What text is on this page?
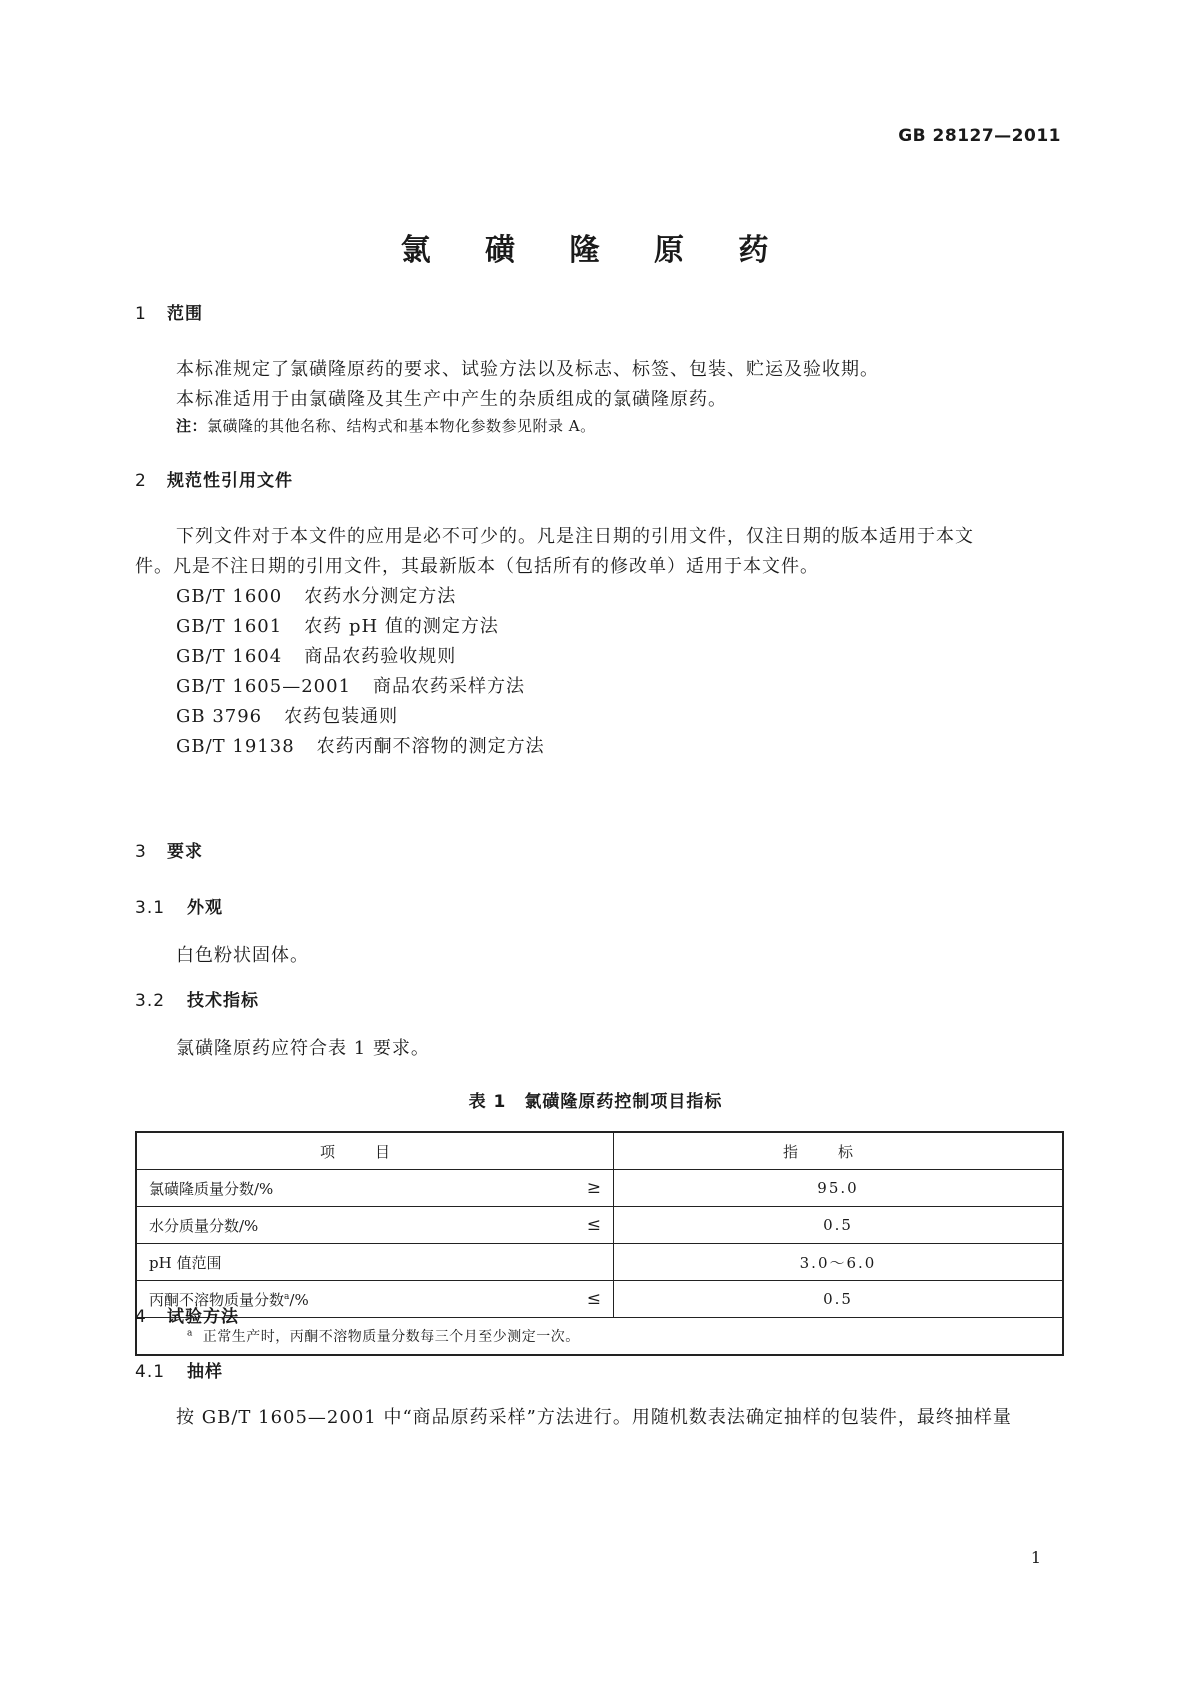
GB 28127—2011
氯 磺 隆 原 药
1 范围
本标准规定了氯磺隆原药的要求、试验方法以及标志、标签、包装、贮运及验收期。
本标准适用于由氯磺隆及其生产中产生的杂质组成的氯磺隆原药。
注：氯磺隆的其他名称、结构式和基本物化参数参见附录 A。
2 规范性引用文件
下列文件对于本文件的应用是必不可少的。凡是注日期的引用文件，仅注日期的版本适用于本文
件。凡是不注日期的引用文件，其最新版本（包括所有的修改单）适用于本文件。
GB/T 1600 农药水分测定方法
GB/T 1601 农药 pH 值的测定方法
GB/T 1604 商品农药验收规则
GB/T 1605—2001 商品农药采样方法
GB 3796 农药包装通则
GB/T 19138 农药丙酮不溶物的测定方法
3 要求
3.1 外观
白色粉状固体。
3.2 技术指标
氯磺隆原药应符合表 1 要求。
表 1　氯磺隆原药控制项目指标
项目	指标

氯磺隆质量分数/% ≥	95.0

水分质量分数/% ≤	0.5

pH 值范围	3.0～6.0

丙酮不溶物质量分数$^a$/% ≤	0.5
$^a$ 正常生产时，丙酮不溶物质量分数每三个月至少测定一次。	
4 试验方法
4.1 抽样
按 GB/T 1605—2001 中“商品原药采样”方法进行。用随机数表法确定抽样的包装件，最终抽样量
1
